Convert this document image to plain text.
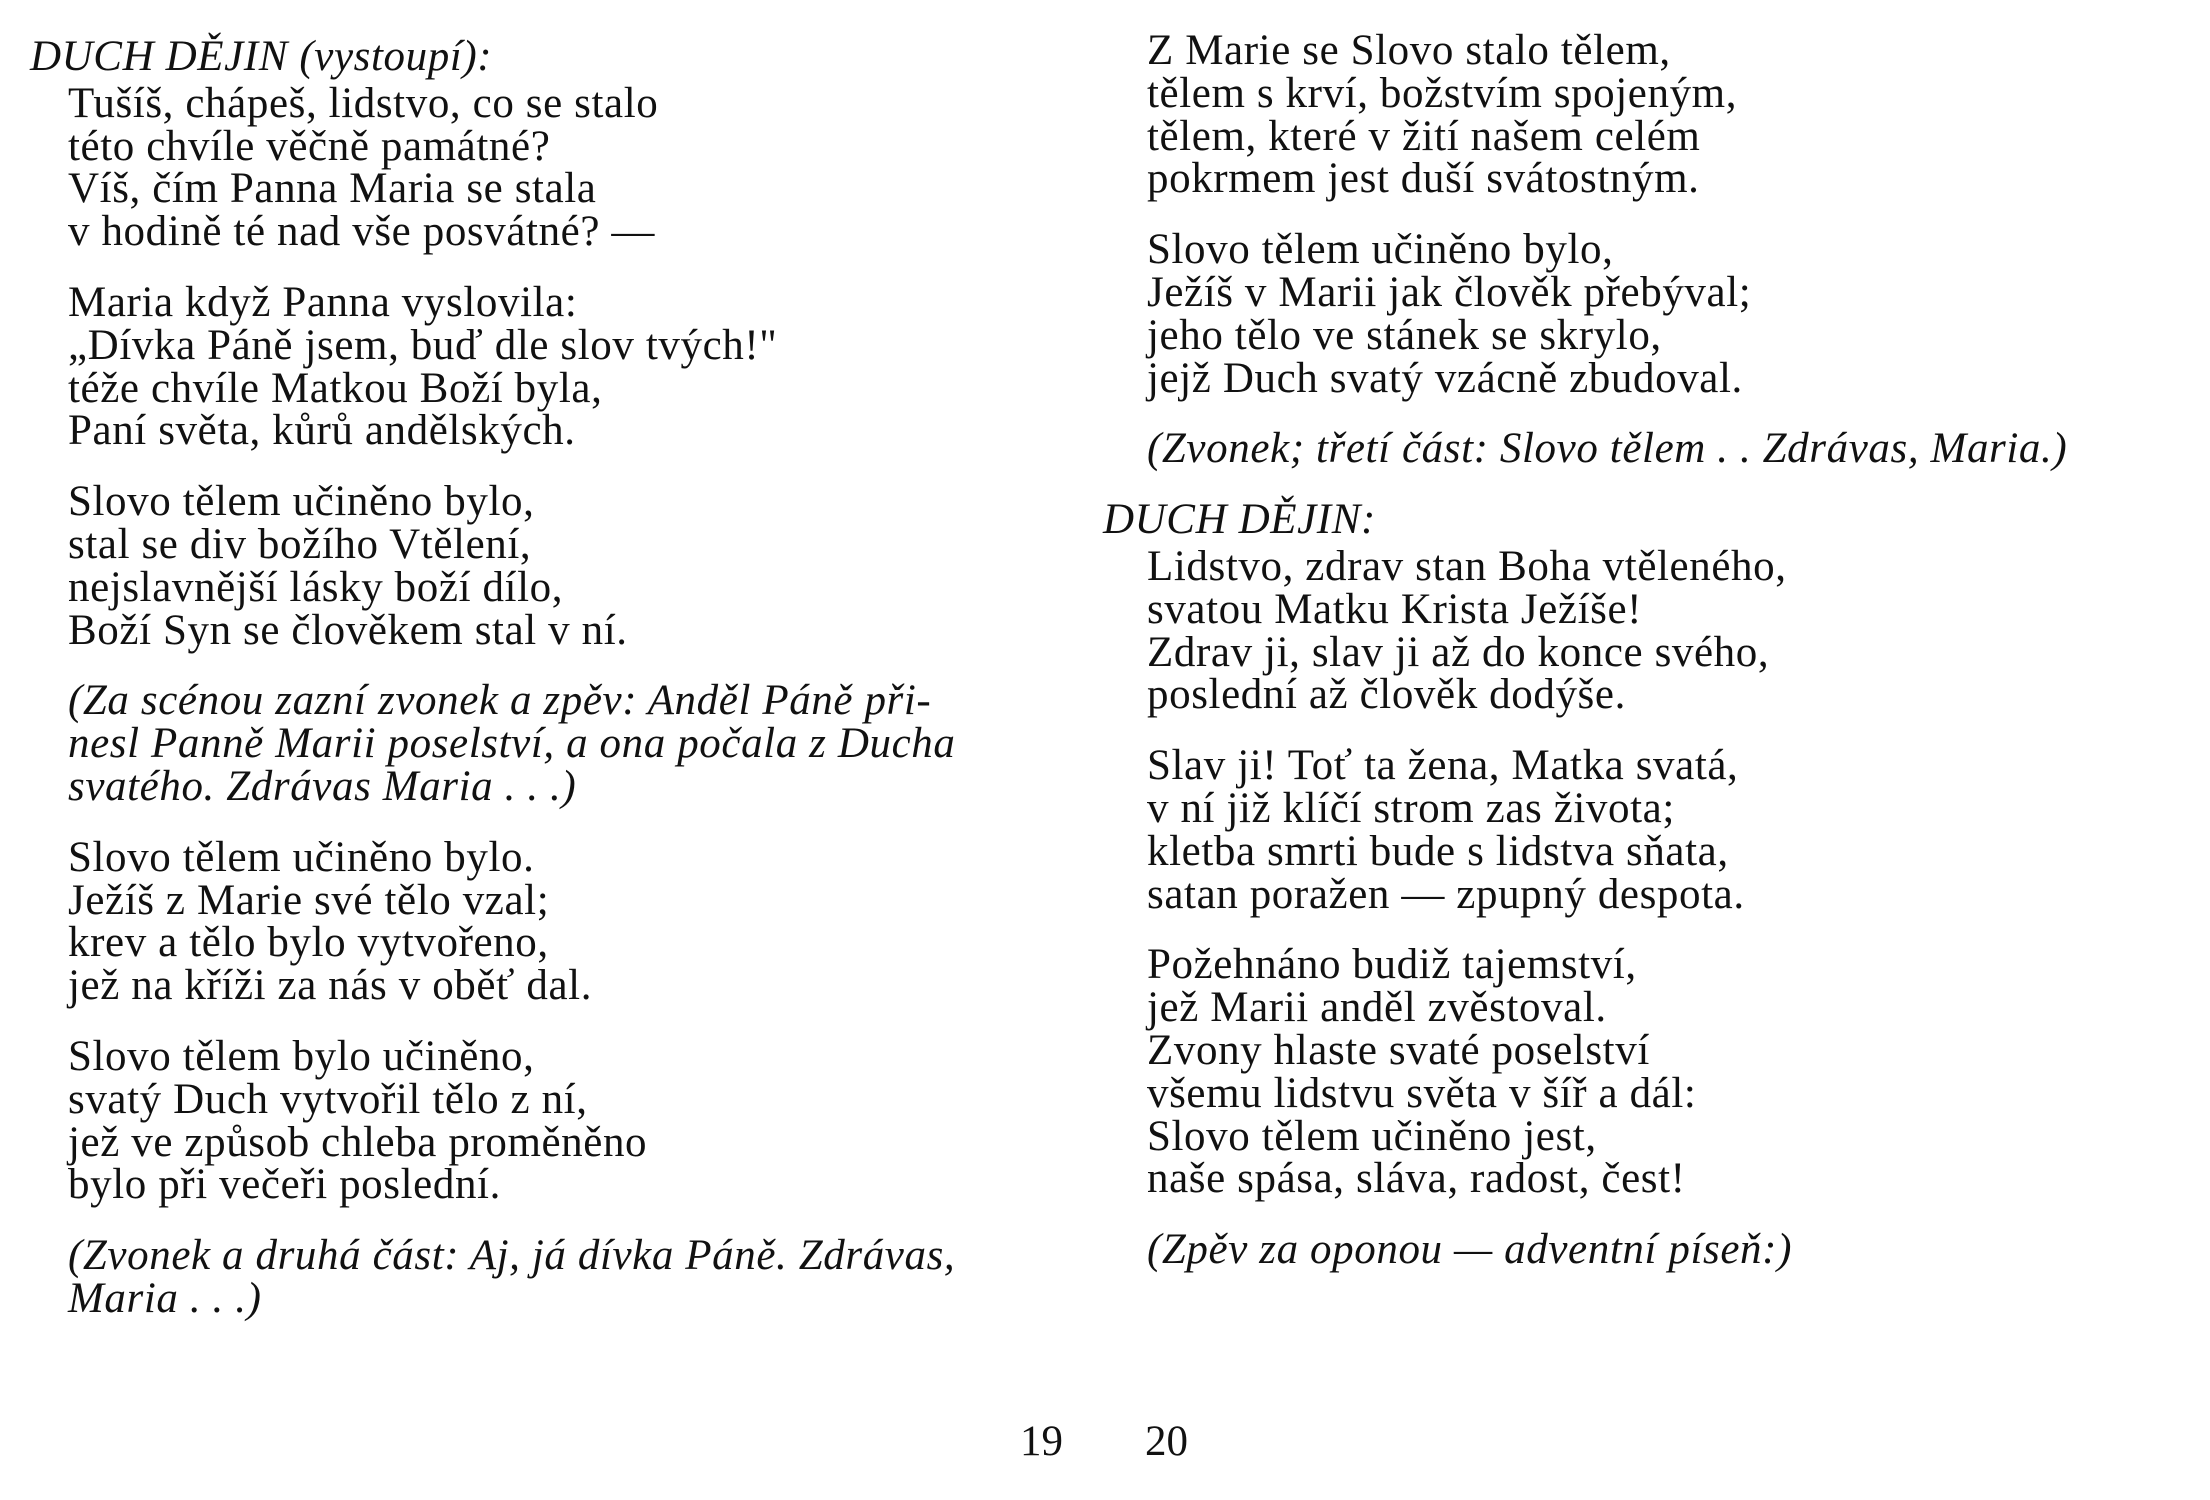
DUCH DĚJIN (vystoupí):
Tušíš, chápeš, lidstvo, co se stalo
této chvíle věčně památné?
Víš, čím Panna Maria se stala
v hodině té nad vše posvátné? —
Maria když Panna vyslovila:
„Dívka Páně jsem, buď dle slov tvých!"
téže chvíle Matkou Boží byla,
Paní světa, kůrů andělských.
Slovo tělem učiněno bylo,
stal se div božího Vtělení,
nejslavnější lásky boží dílo,
Boží Syn se člověkem stal v ní.
(Za scénou zazní zvonek a zpěv: Anděl Páně při-
nesl Panně Marii poselství, a ona počala z Ducha
svatého. Zdrávas Maria . . .)
Slovo tělem učiněno bylo.
Ježíš z Marie své tělo vzal;
krev a tělo bylo vytvořeno,
jež na kříži za nás v oběť dal.
Slovo tělem bylo učiněno,
svatý Duch vytvořil tělo z ní,
jež ve způsob chleba proměněno
bylo při večeři poslední.
(Zvonek a druhá část: Aj, já dívka Páně. Zdrávas,
Maria . . .)
19
Z Marie se Slovo stalo tělem,
tělem s krví, božstvím spojeným,
tělem, které v žití našem celém
pokrmem jest duší svátostným.
Slovo tělem učiněno bylo,
Ježíš v Marii jak člověk přebýval;
jeho tělo ve stánek se skrylo,
jejž Duch svatý vzácně zbudoval.
(Zvonek; třetí část: Slovo tělem . . Zdrávas, Maria.)
DUCH DĚJIN:
Lidstvo, zdrav stan Boha vtěleného,
svatou Matku Krista Ježíše!
Zdrav ji, slav ji až do konce svého,
poslední až člověk dodýše.
Slav ji! Toť ta žena, Matka svatá,
v ní již klíčí strom zas života;
kletba smrti bude s lidstva sňata,
satan poražen — zpupný despota.
Požehnáno budiž tajemství,
jež Marii anděl zvěstoval.
Zvony hlaste svaté poselství
všemu lidstvu světa v šíř a dál:
Slovo tělem učiněno jest,
naše spása, sláva, radost, čest!
(Zpěv za oponou — adventní píseň:)
20
